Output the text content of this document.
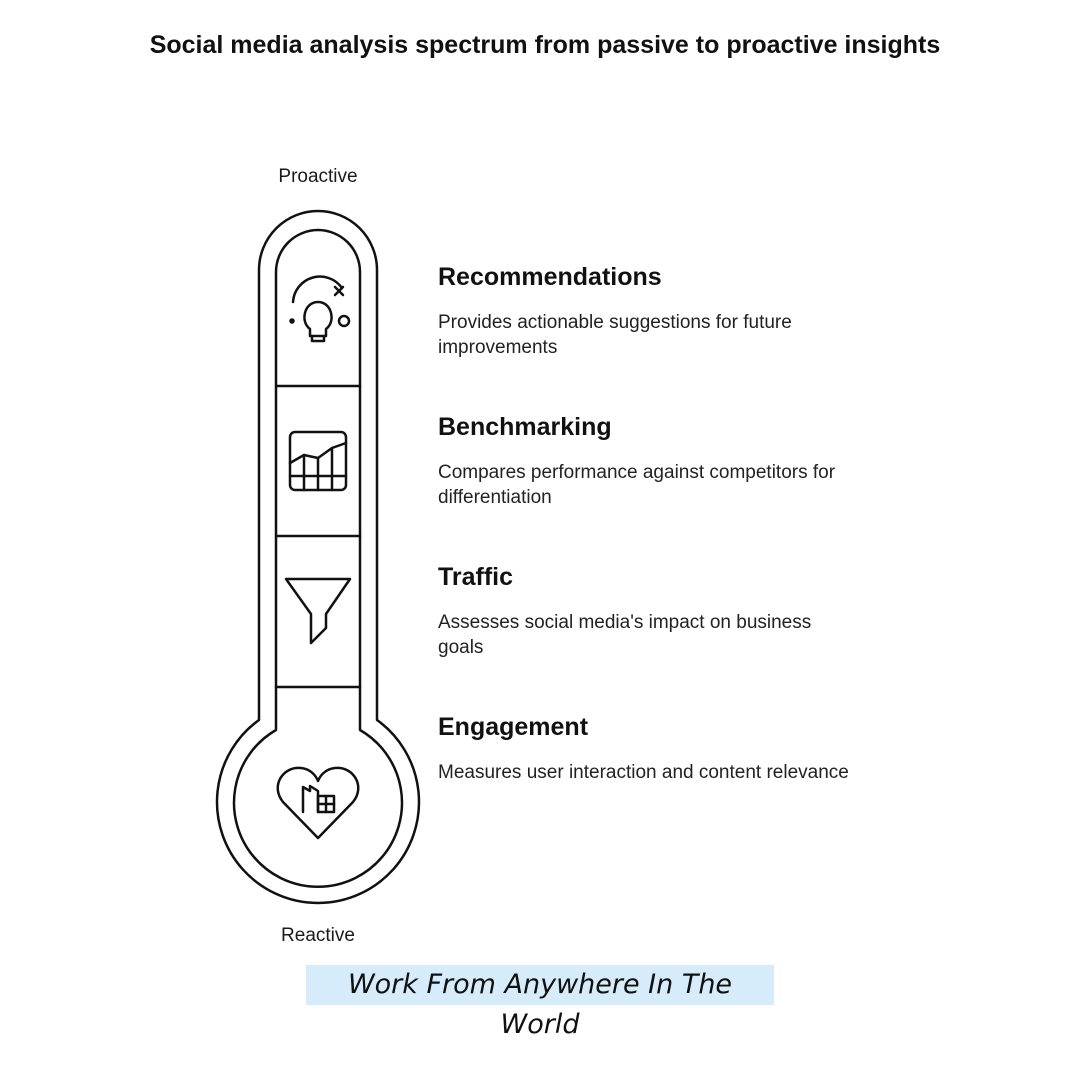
Social media analysis spectrum from passive to proactive insights
Proactive
Reactive
Recommendations
Provides actionable suggestions for future improvements
Benchmarking
Compares performance against competitors for differentiation
Traffic
Assesses social media's impact on business goals
Engagement
Measures user interaction and content relevance
Work From Anywhere In The World
